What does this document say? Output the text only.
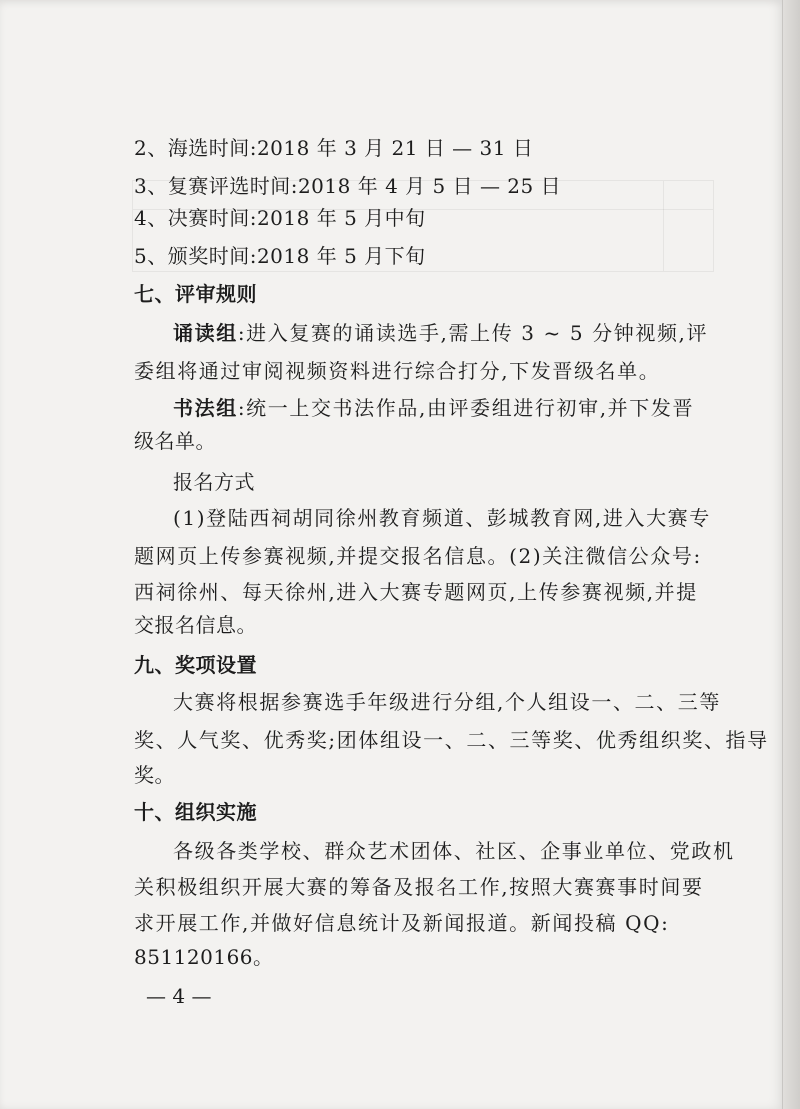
2、海选时间:2018 年 3 月 21 日 — 31 日
3、复赛评选时间:2018 年 4 月 5 日 — 25 日
4、决赛时间:2018 年 5 月中旬
5、颁奖时间:2018 年 5 月下旬
七、评审规则
诵读组:进入复赛的诵读选手,需上传 3 ~ 5 分钟视频,评
委组将通过审阅视频资料进行综合打分,下发晋级名单。
书法组:统一上交书法作品,由评委组进行初审,并下发晋
级名单。
报名方式
(1)登陆西祠胡同徐州教育频道、彭城教育网,进入大赛专
题网页上传参赛视频,并提交报名信息。(2)关注微信公众号:
西祠徐州、每天徐州,进入大赛专题网页,上传参赛视频,并提
交报名信息。
九、奖项设置
大赛将根据参赛选手年级进行分组,个人组设一、二、三等
奖、人气奖、优秀奖;团体组设一、二、三等奖、优秀组织奖、指导
奖。
十、组织实施
各级各类学校、群众艺术团体、社区、企事业单位、党政机
关积极组织开展大赛的筹备及报名工作,按照大赛赛事时间要
求开展工作,并做好信息统计及新闻报道。新闻投稿 QQ:
851120166。
— 4 —
